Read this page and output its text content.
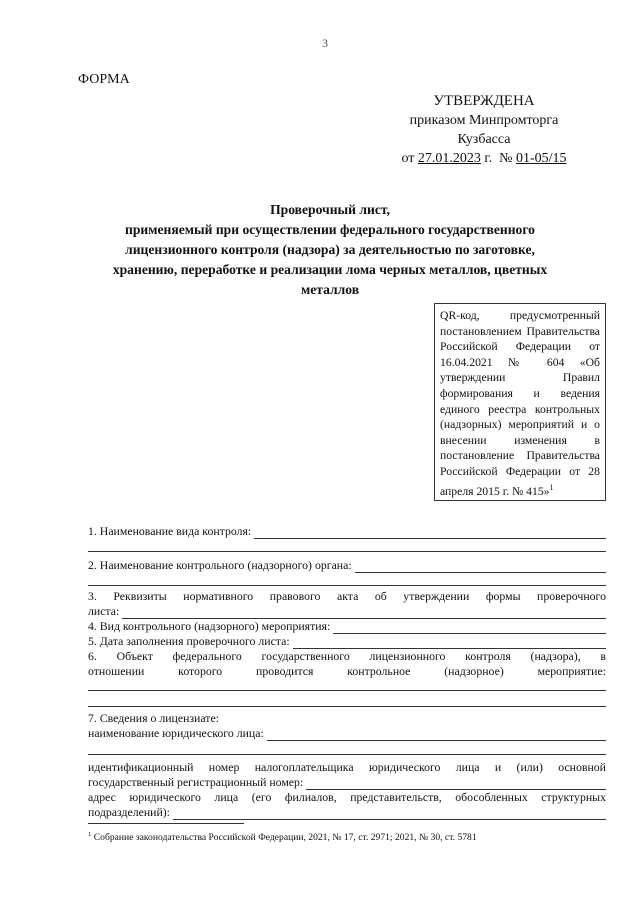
3
ФОРМА
УТВЕРЖДЕНА
приказом Минпромторга
Кузбасса
от 27.01.2023 г. № 01-05/15
Проверочный лист,
применяемый при осуществлении федерального государственного
лицензионного контроля (надзора) за деятельностью по заготовке,
хранению, переработке и реализации лома черных металлов, цветных
металлов
QR-код, предусмотренный постановлением Правительства Российской Федерации от 16.04.2021 № 604 «Об утверждении Правил формирования и ведения единого реестра контрольных (надзорных) мероприятий и о внесении изменения в постановление Правительства Российской Федерации от 28 апреля 2015 г. № 415»$^1$
1. Наименование вида контроля:
2. Наименование контрольного (надзорного) органа:
3. Реквизиты нормативного правового акта об утверждении формы проверочного
листа:
4. Вид контрольного (надзорного) мероприятия:
5. Дата заполнения проверочного листа:
6. Объект федерального государственного лицензионного контроля (надзора), в
отношении которого проводится контрольное (надзорное) мероприятие:
7. Сведения о лицензиате:
наименование юридического лица:
идентификационный номер налогоплательщика юридического лица и (или) основной
государственный регистрационный номер:
адрес юридического лица (его филиалов, представительств, обособленных структурных
подразделений):
$^1$ Собрание законодательства Российской Федерации, 2021, № 17, ст. 2971; 2021, № 30, ст. 5781
